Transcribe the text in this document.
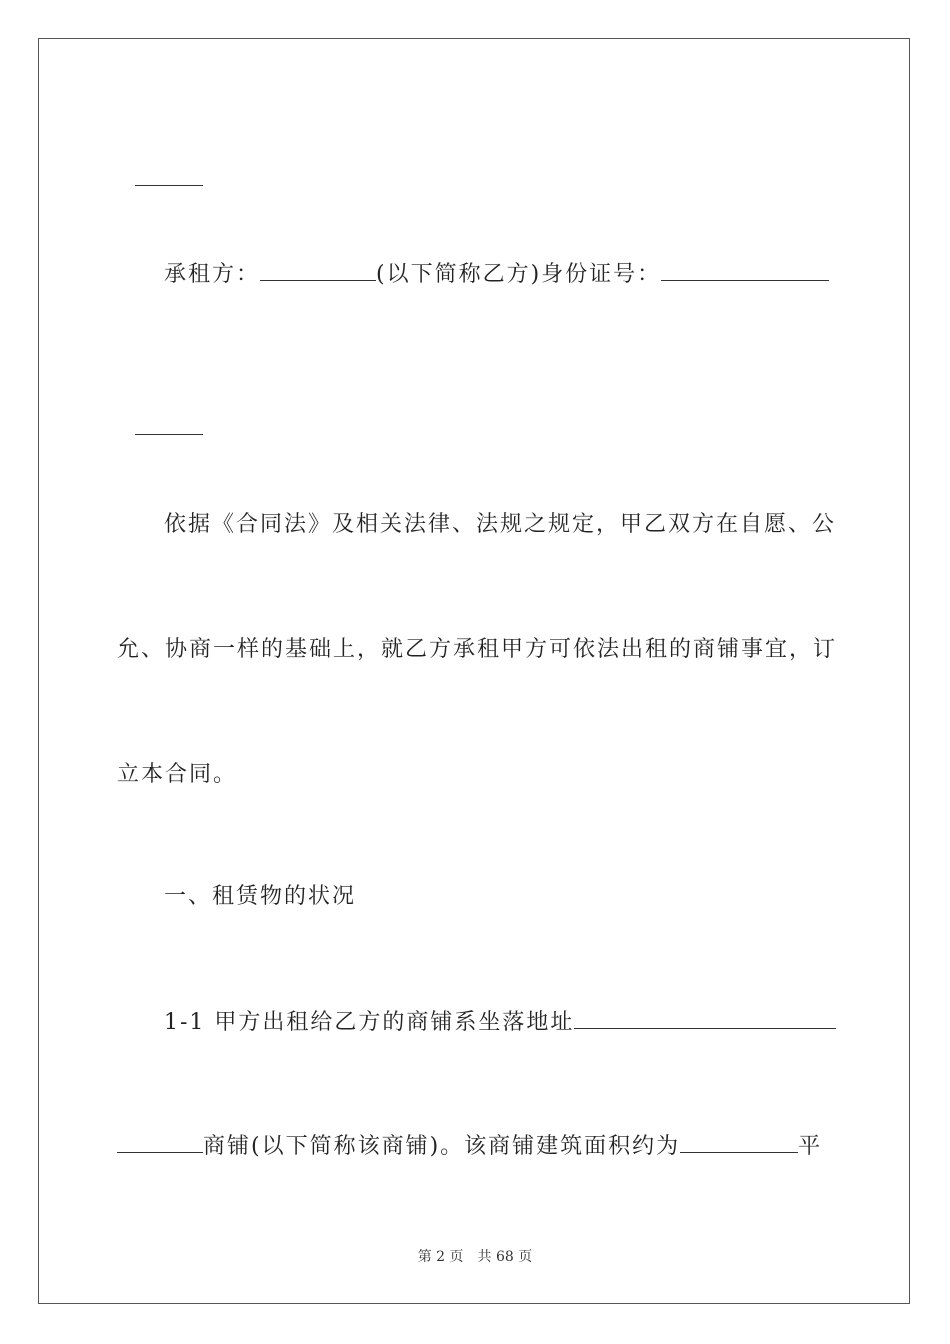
承租方：	(以下简称乙方)身份证号：

依据《合同法》及相关法律、法规之规定，甲乙双方在自愿、公
允、协商一样的基础上，就乙方承租甲方可依法出租的商铺事宜，订
立本合同。
一、租赁物的状况
1-1 甲方出租给乙方的商铺系坐落地址
商铺(以下简称该商铺)。该商铺建筑面积约为	平
第 2 页　共 68 页
